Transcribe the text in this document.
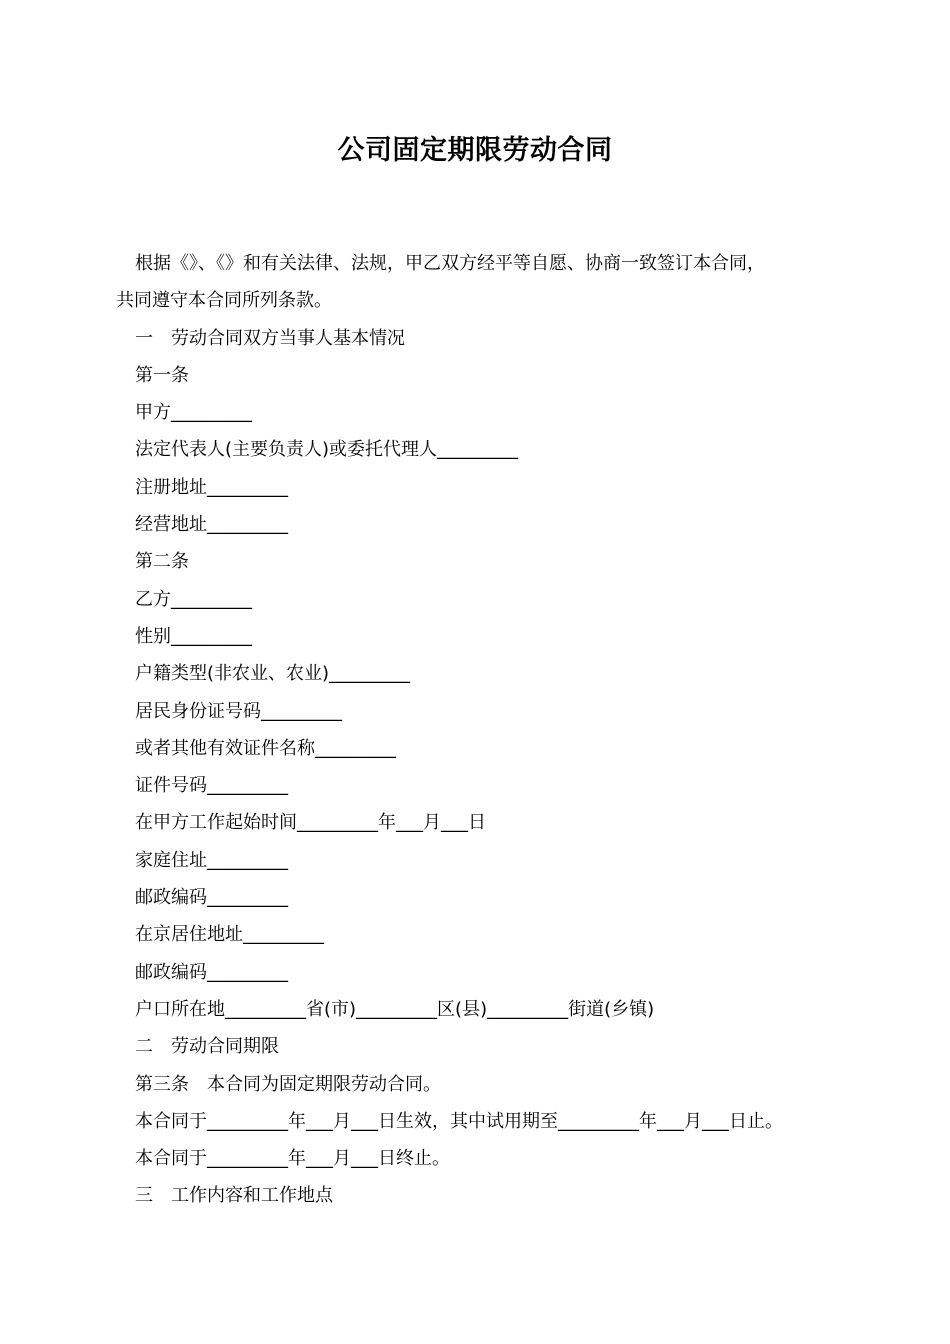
公司固定期限劳动合同

根据《》、《》和有关法律、法规，甲乙双方经平等自愿、协商一致签订本合同，

共同遵守本合同所列条款。

一　劳动合同双方当事人基本情况

第一条

甲方_________

法定代表人(主要负责人)或委托代理人_________

注册地址_________

经营地址_________

第二条

乙方_________

性别_________

户籍类型(非农业、农业)_________

居民身份证号码_________

或者其他有效证件名称_________

证件号码_________

在甲方工作起始时间_________年___月___日

家庭住址_________

邮政编码_________

在京居住地址_________

邮政编码_________

户口所在地_________省(市)_________区(县)_________街道(乡镇)

二　劳动合同期限

第三条　本合同为固定期限劳动合同。

本合同于_________年___月___日生效，其中试用期至_________年___月___日止。

本合同于_________年___月___日终止。

三　工作内容和工作地点
